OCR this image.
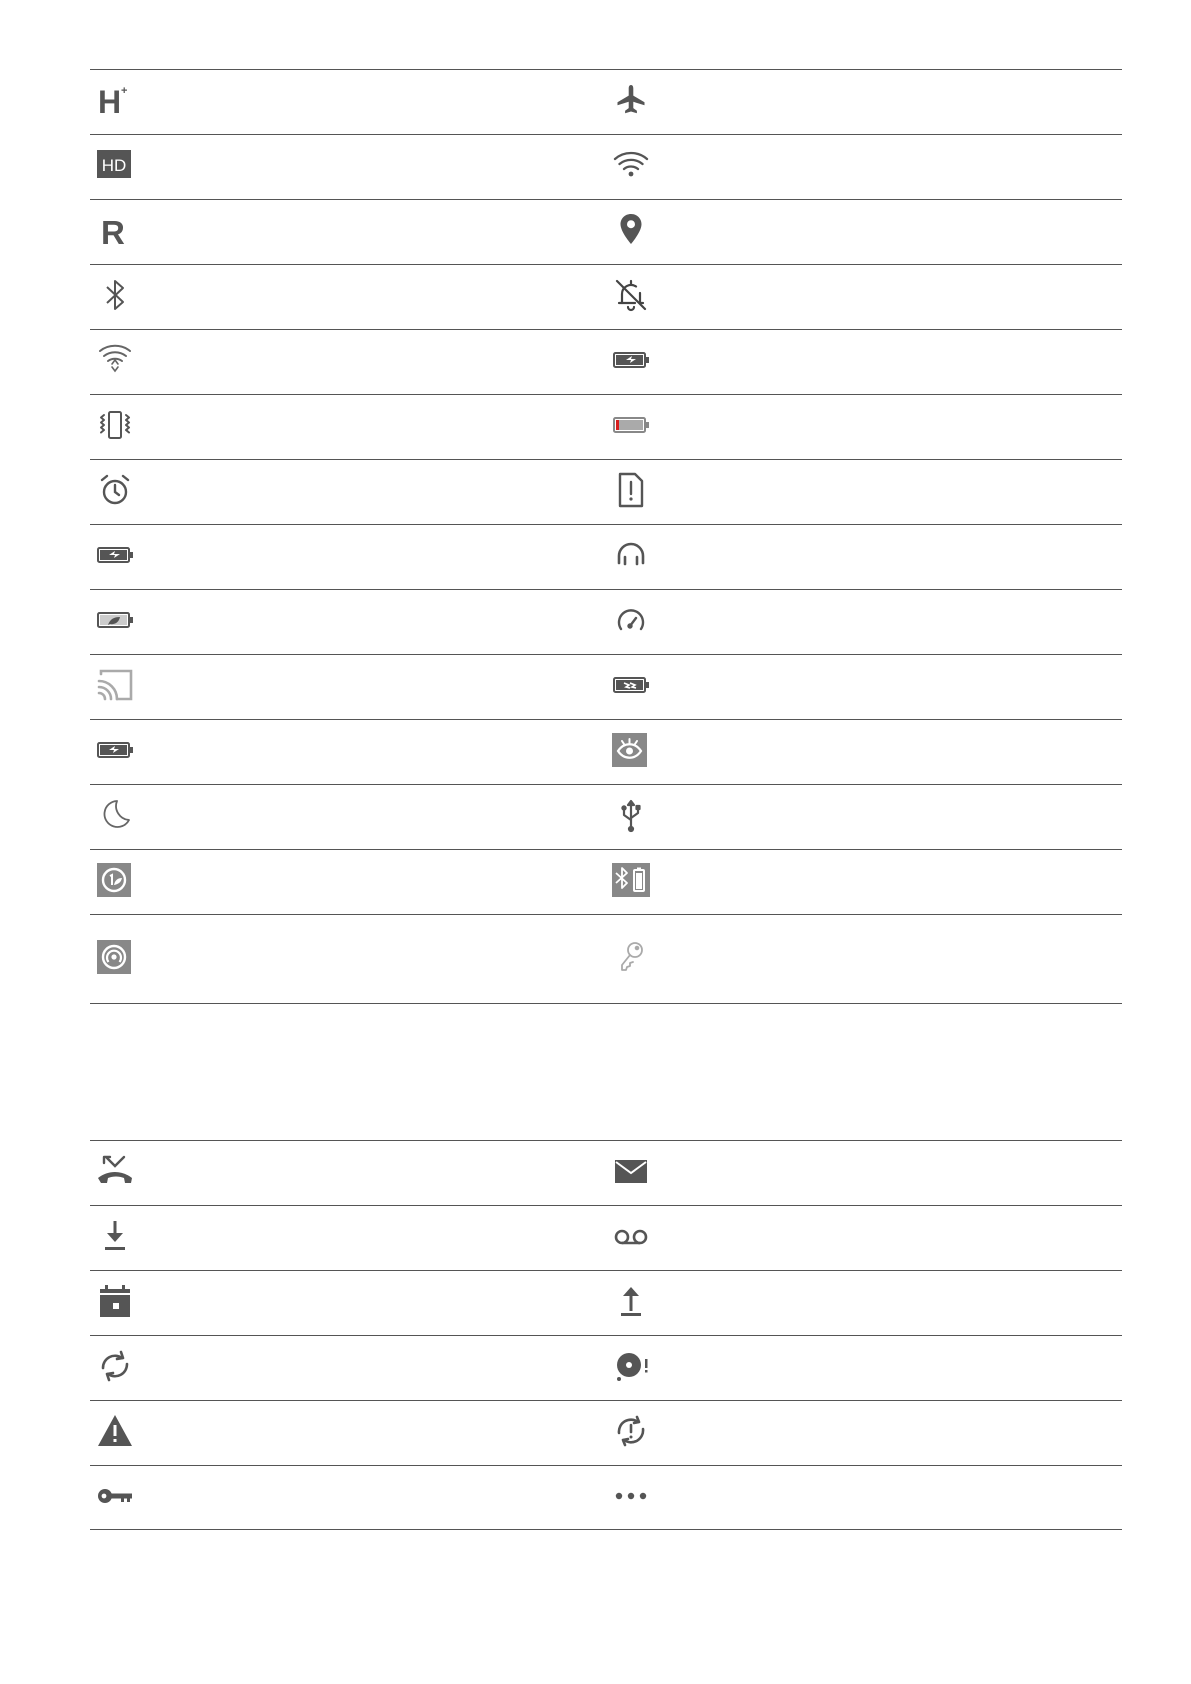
H +
HD
R
